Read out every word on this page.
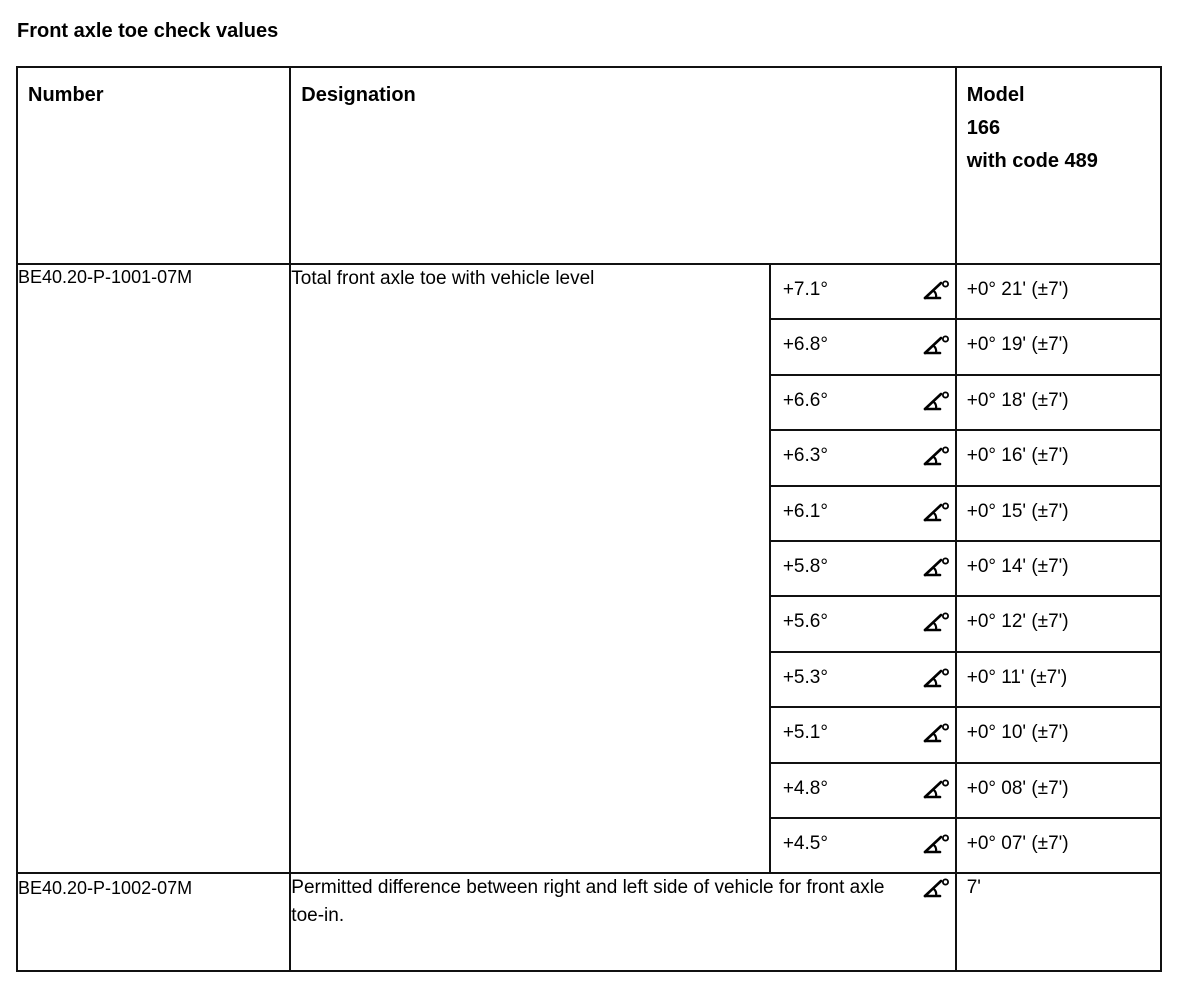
Front axle toe check values
Number	Designation			Model
166
with code 489

BE40.20-P-1001-07M	Total front axle toe with vehicle level	+7.1°		+0° 21' (±7')
		+6.8°		+0° 19' (±7')
		+6.6°		+0° 18' (±7')
		+6.3°		+0° 16' (±7')
		+6.1°		+0° 15' (±7')
		+5.8°		+0° 14' (±7')
		+5.6°		+0° 12' (±7')
		+5.3°		+0° 11' (±7')
		+5.1°		+0° 10' (±7')
		+4.8°		+0° 08' (±7')
		+4.5°		+0° 07' (±7')
BE40.20-P-1002-07M	Permitted difference between right and left side of vehicle for front axle toe-in.			7'
